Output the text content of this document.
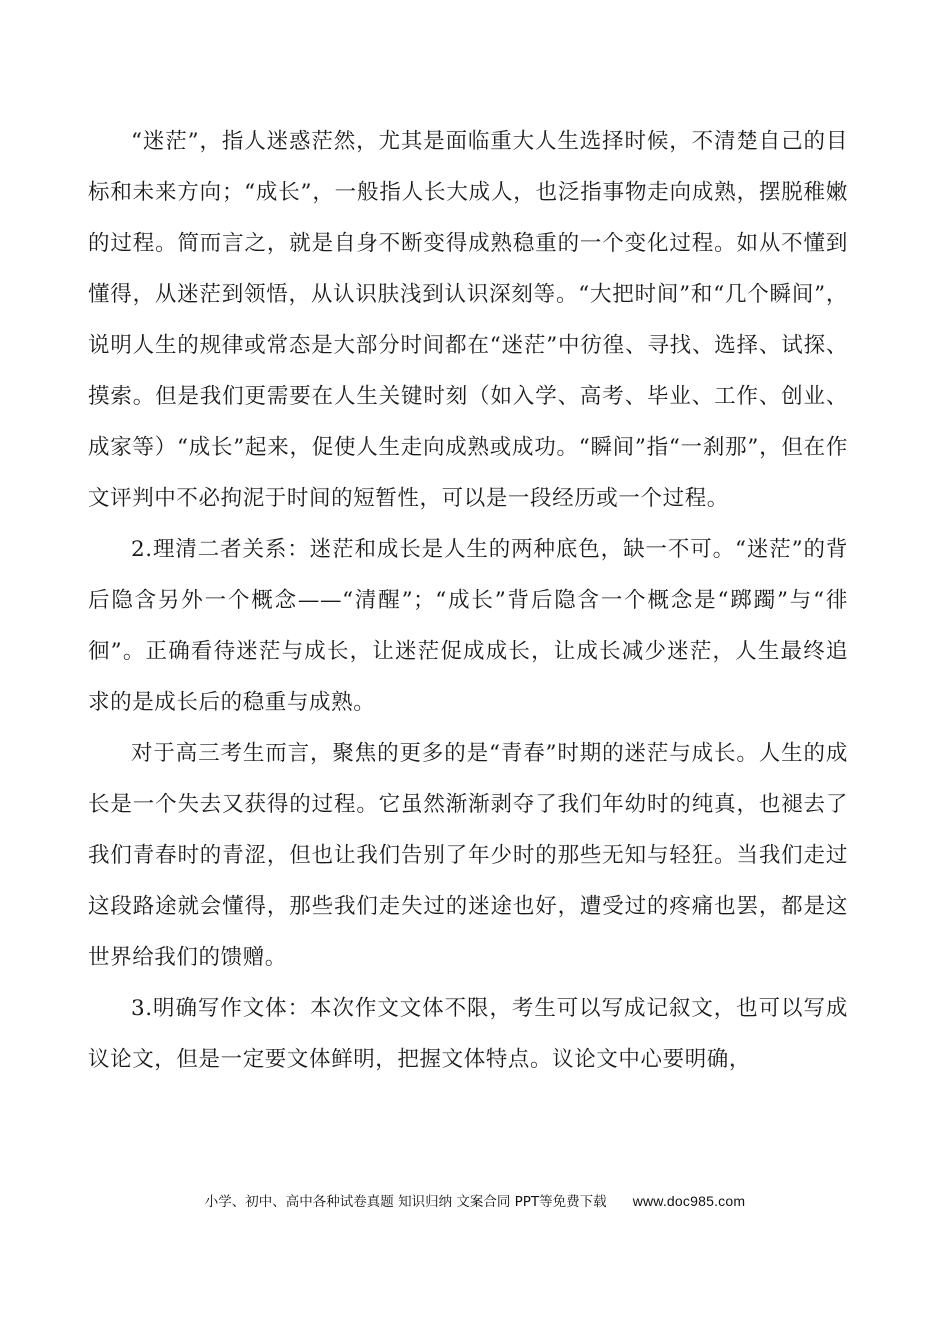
“迷茫”，指人迷惑茫然，尤其是面临重大人生选择时候，不清楚自己的目标和未来方向；“成长”，一般指人长大成人，也泛指事物走向成熟，摆脱稚嫩的过程。简而言之，就是自身不断变得成熟稳重的一个变化过程。如从不懂到懂得，从迷茫到领悟，从认识肤浅到认识深刻等。“大把时间”和“几个瞬间”，说明人生的规律或常态是大部分时间都在“迷茫”中彷徨、寻找、选择、试探、摸索。但是我们更需要在人生关键时刻（如入学、高考、毕业、工作、创业、成家等）“成长”起来，促使人生走向成熟或成功。“瞬间”指“一刹那”，但在作文评判中不必拘泥于时间的短暂性，可以是一段经历或一个过程。

2.理清二者关系：迷茫和成长是人生的两种底色，缺一不可。“迷茫”的背后隐含另外一个概念——“清醒”；“成长”背后隐含一个概念是“踯躅”与“徘徊”。正确看待迷茫与成长，让迷茫促成成长，让成长减少迷茫，人生最终追求的是成长后的稳重与成熟。

对于高三考生而言，聚焦的更多的是“青春”时期的迷茫与成长。人生的成长是一个失去又获得的过程。它虽然渐渐剥夺了我们年幼时的纯真，也褪去了我们青春时的青涩，但也让我们告别了年少时的那些无知与轻狂。当我们走过这段路途就会懂得，那些我们走失过的迷途也好，遭受过的疼痛也罢，都是这世界给我们的馈赠。

3.明确写作文体：本次作文文体不限，考生可以写成记叙文，也可以写成议论文，但是一定要文体鲜明，把握文体特点。议论文中心要明确，

小学、初中、高中各种试卷真题 知识归纳 文案合同 PPT等免费下载 www.doc985.com
